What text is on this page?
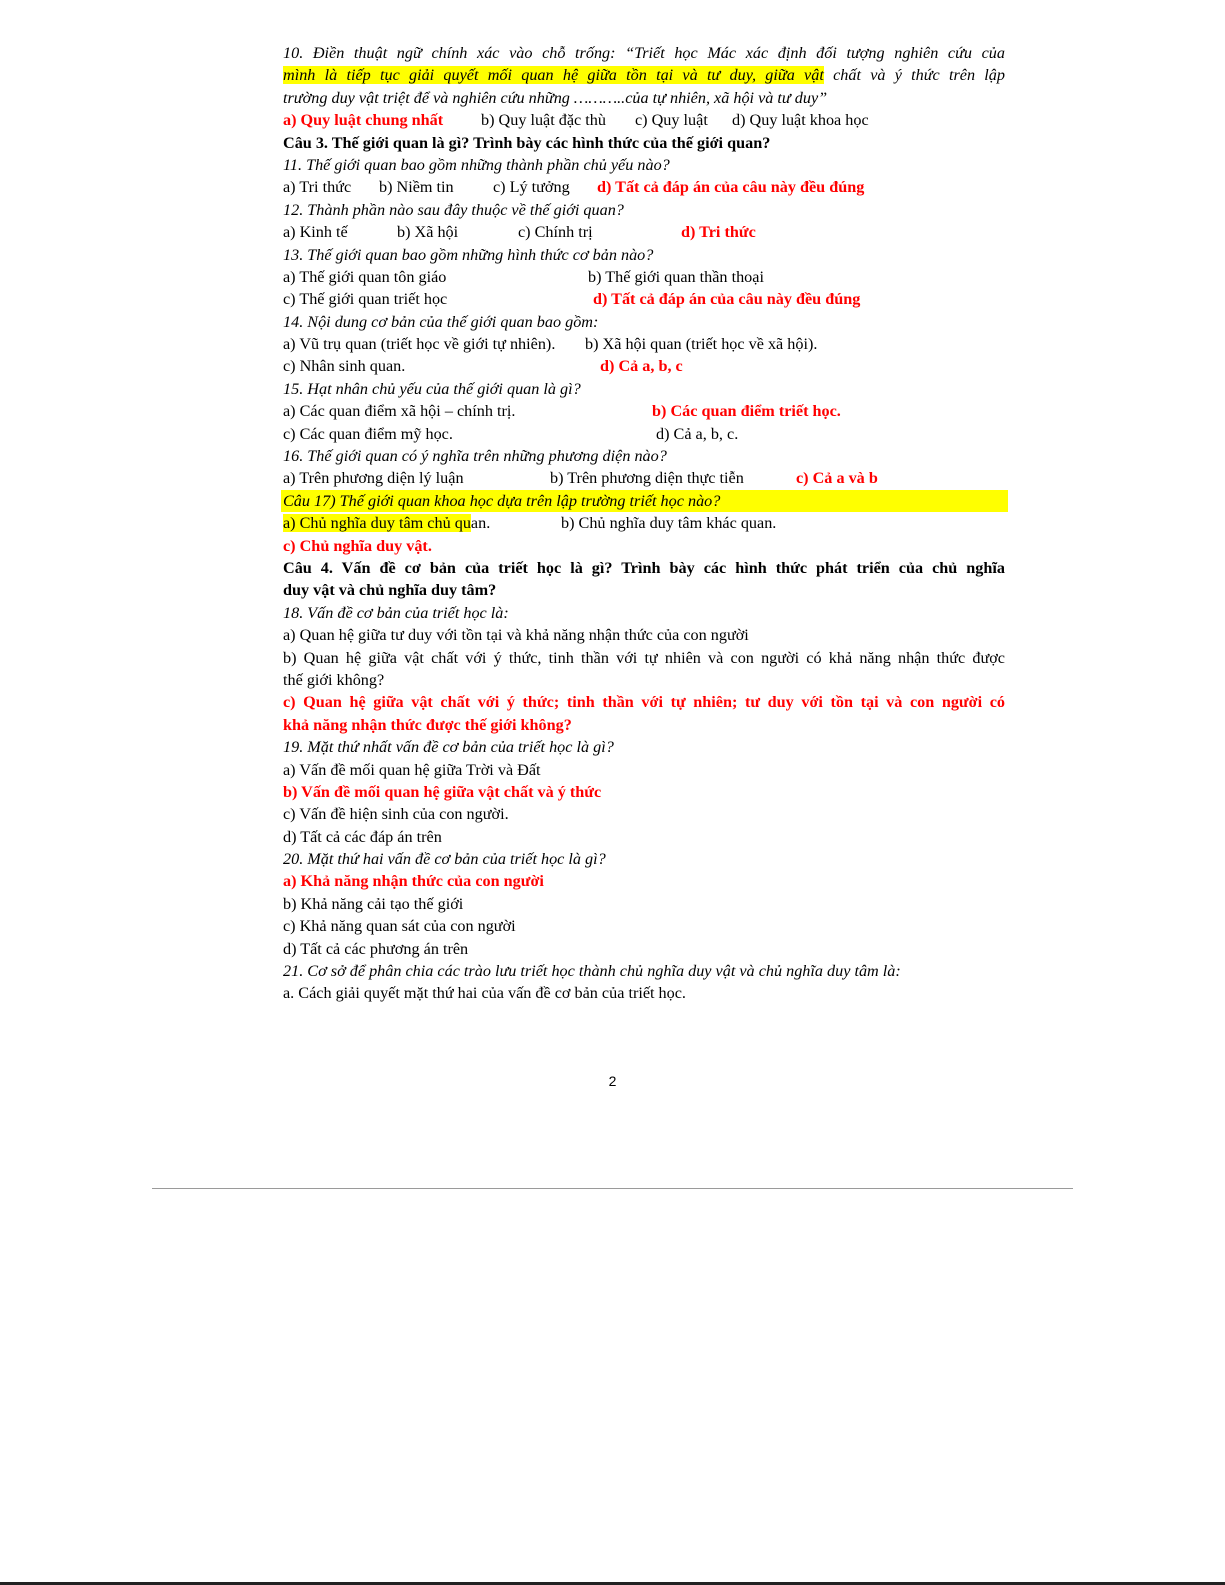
10. Điền thuật ngữ chính xác vào chỗ trống: “Triết học Mác xác định đối tượng nghiên cứu của
mình là tiếp tục giải quyết mối quan hệ giữa tồn tại và tư duy, giữa vật chất và ý thức trên lập
trường duy vật triệt để và nghiên cứu những ………..của tự nhiên, xã hội và tư duy”
a) Quy luật chung nhất b) Quy luật đặc thù c) Quy luật d) Quy luật khoa học
Câu 3. Thế giới quan là gì? Trình bày các hình thức của thế giới quan?
11. Thế giới quan bao gồm những thành phần chủ yếu nào?
a) Tri thức b) Niềm tin c) Lý tưởng d) Tất cả đáp án của câu này đều đúng
12. Thành phần nào sau đây thuộc về thế giới quan?
a) Kinh tế	b) Xã hội	c) Chính trị	d) Tri thức
13. Thế giới quan bao gồm những hình thức cơ bản nào?
a) Thế giới quan tôn giáo	b) Thế giới quan thần thoại
c) Thế giới quan triết học	d) Tất cả đáp án của câu này đều đúng
14. Nội dung cơ bản của thế giới quan bao gồm:
a) Vũ trụ quan (triết học về giới tự nhiên). b) Xã hội quan (triết học về xã hội).
c) Nhân sinh quan.	d) Cả a, b, c
15. Hạt nhân chủ yếu của thế giới quan là gì?
a) Các quan điểm xã hội – chính trị.	b) Các quan điểm triết học.
c) Các quan điểm mỹ học.	d) Cả a, b, c.
16. Thế giới quan có ý nghĩa trên những phương diện nào?
a) Trên phương diện lý luận	b) Trên phương diện thực tiễn	c) Cả a và b
Câu 17) Thế giới quan khoa học dựa trên lập trường triết học nào?
a) Chủ nghĩa duy tâm chủ quan.	b) Chủ nghĩa duy tâm khác quan.
c) Chủ nghĩa duy vật.
Câu 4. Vấn đề cơ bản của triết học là gì? Trình bày các hình thức phát triển của chủ nghĩa
duy vật và chủ nghĩa duy tâm?
18. Vấn đề cơ bản của triết học là:
a) Quan hệ giữa tư duy với tồn tại và khả năng nhận thức của con người
b) Quan hệ giữa vật chất với ý thức, tinh thần với tự nhiên và con người có khả năng nhận thức được
thế giới không?
c) Quan hệ giữa vật chất với ý thức; tinh thần với tự nhiên; tư duy với tồn tại và con người có
khả năng nhận thức được thế giới không?
19. Mặt thứ nhất vấn đề cơ bản của triết học là gì?
a) Vấn đề mối quan hệ giữa Trời và Đất
b) Vấn đề mối quan hệ giữa vật chất và ý thức
c) Vấn đề hiện sinh của con người.
d) Tất cả các đáp án trên
20. Mặt thứ hai vấn đề cơ bản của triết học là gì?
a) Khả năng nhận thức của con người
b) Khả năng cải tạo thế giới
c) Khả năng quan sát của con người
d) Tất cả các phương án trên
21. Cơ sở để phân chia các trào lưu triết học thành chủ nghĩa duy vật và chủ nghĩa duy tâm là:
a. Cách giải quyết mặt thứ hai của vấn đề cơ bản của triết học.
2
